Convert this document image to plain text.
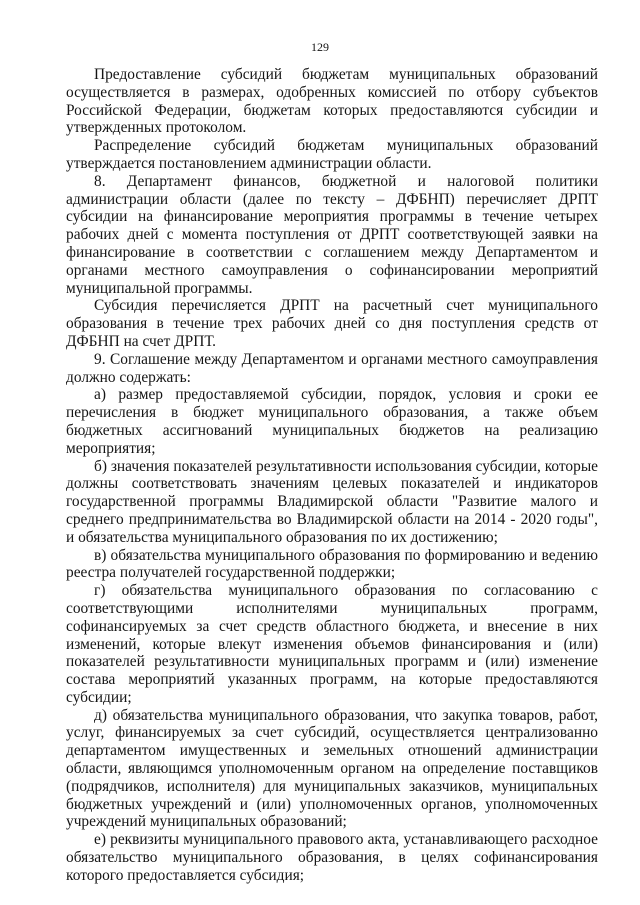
129

Предоставление субсидий бюджетам муниципальных образований осуществляется в размерах, одобренных комиссией по отбору субъектов Российской Федерации, бюджетам которых предоставляются субсидии и утвержденных протоколом.

Распределение субсидий бюджетам муниципальных образований утверждается постановлением администрации области.

8. Департамент финансов, бюджетной и налоговой политики администрации области (далее по тексту – ДФБНП) перечисляет ДРПТ субсидии на финансирование мероприятия программы в течение четырех рабочих дней с момента поступления от ДРПТ соответствующей заявки на финансирование в соответствии с соглашением между Департаментом и органами местного самоуправления о софинансировании мероприятий муниципальной программы.

Субсидия перечисляется ДРПТ на расчетный счет муниципального образования в течение трех рабочих дней со дня поступления средств от ДФБНП на счет ДРПТ.

9. Соглашение между Департаментом и органами местного самоуправления должно содержать:

а) размер предоставляемой субсидии, порядок, условия и сроки ее перечисления в бюджет муниципального образования, а также объем бюджетных ассигнований муниципальных бюджетов на реализацию мероприятия;

б) значения показателей результативности использования субсидии, которые должны соответствовать значениям целевых показателей и индикаторов государственной программы Владимирской области "Развитие малого и среднего предпринимательства во Владимирской области на 2014 - 2020 годы", и обязательства муниципального образования по их достижению;

в) обязательства муниципального образования по формированию и ведению реестра получателей государственной поддержки;

г) обязательства муниципального образования по согласованию с соответствующими исполнителями муниципальных программ, софинансируемых за счет средств областного бюджета, и внесение в них изменений, которые влекут изменения объемов финансирования и (или) показателей результативности муниципальных программ и (или) изменение состава мероприятий указанных программ, на которые предоставляются субсидии;

д) обязательства муниципального образования, что закупка товаров, работ, услуг, финансируемых за счет субсидий, осуществляется централизованно департаментом имущественных и земельных отношений администрации области, являющимся уполномоченным органом на определение поставщиков (подрядчиков, исполнителя) для муниципальных заказчиков, муниципальных бюджетных учреждений и (или) уполномоченных органов, уполномоченных учреждений муниципальных образований;

е) реквизиты муниципального правового акта, устанавливающего расходное обязательство муниципального образования, в целях софинансирования которого предоставляется субсидия;
